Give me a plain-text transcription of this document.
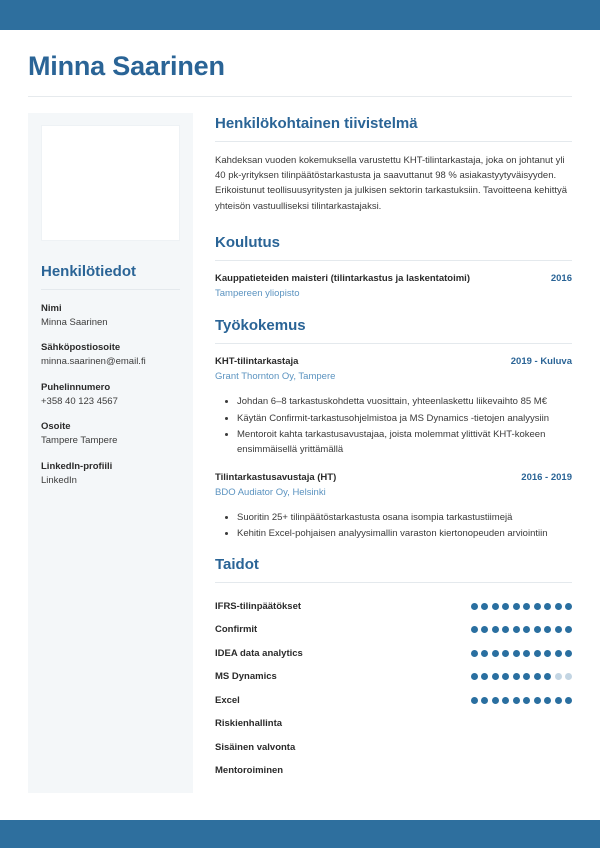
Minna Saarinen
Henkilötiedot
Nimi
Minna Saarinen
Sähköpostiosoite
minna.saarinen@email.fi
Puhelinnumero
+358 40 123 4567
Osoite
Tampere Tampere
LinkedIn-profiili
LinkedIn
Henkilökohtainen tiivistelmä

Kahdeksan vuoden kokemuksella varustettu KHT-tilintarkastaja, joka on johtanut yli 40 pk-yrityksen tilinpäätöstarkastusta ja saavuttanut 98 % asiakastyytyväisyyden. Erikoistunut teollisuusyritysten ja julkisen sektorin tarkastuksiin. Tavoitteena kehittyä yhteisön vastuulliseksi tilintarkastajaksi.

Koulutus
Kauppatieteiden maisteri (tilintarkastus ja laskentatoimi)	2016
Tampereen yliopisto
Työkokemus
KHT-tilintarkastaja	2019 - Kuluva
Grant Thornton Oy, Tampere
• Johdan 6–8 tarkastuskohdetta vuosittain, yhteenlaskettu liikevaihto 85 M€
• Käytän Confirmit-tarkastusohjelmistoa ja MS Dynamics -tietojen analyysiin
• Mentoroit kahta tarkastusavustajaa, joista molemmat ylittivät KHT-kokeen ensimmäisellä yrittämällä
Tilintarkastusavustaja (HT)	2016 - 2019
BDO Audiator Oy, Helsinki
• Suoritin 25+ tilinpäätöstarkastusta osana isompia tarkastustiimejä
• Kehitin Excel-pohjaisen analyysimallin varaston kiertonopeuden arviointiin
Taidot
IFRS-tilinpäätökset
Confirmit
IDEA data analytics
MS Dynamics
Excel
Riskienhallinta
Sisäinen valvonta
Mentoroiminen
